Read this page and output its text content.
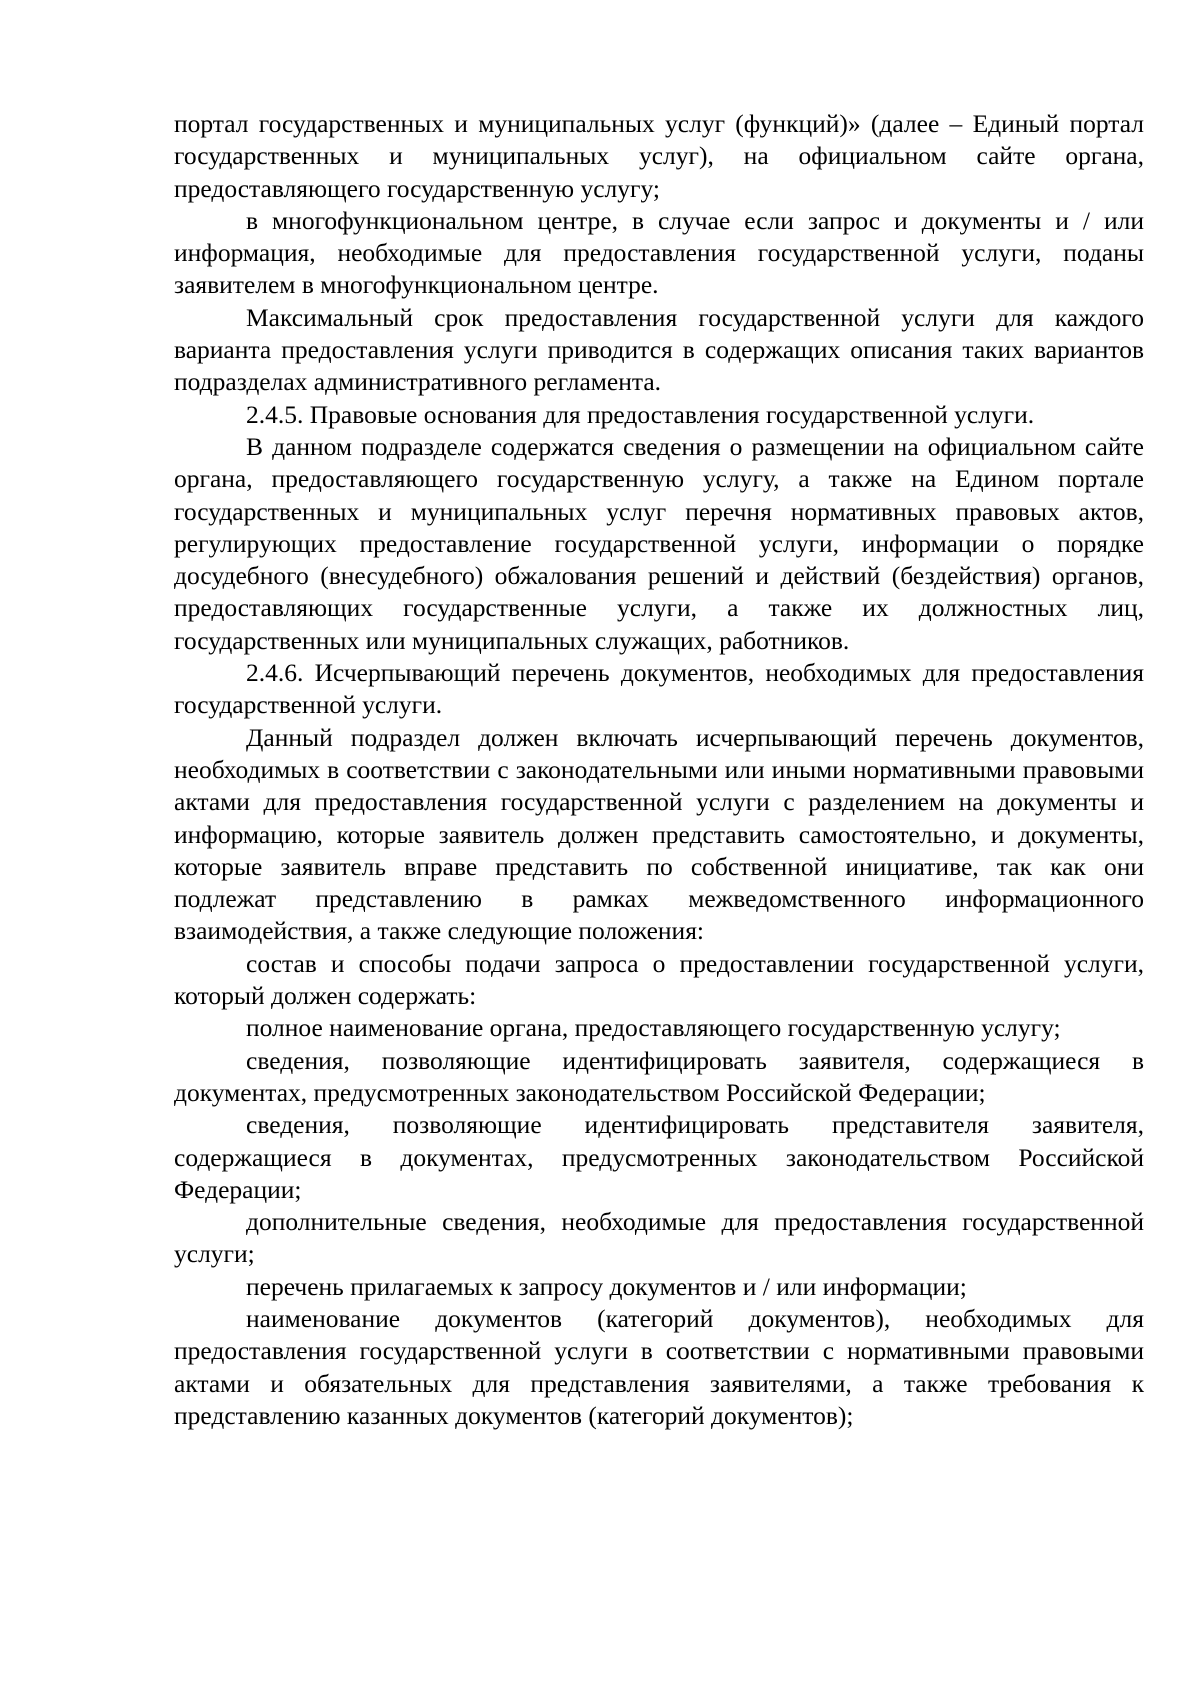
портал государственных и муниципальных услуг (функций)» (далее – Единый портал государственных и муниципальных услуг), на официальном сайте органа, предоставляющего государственную услугу;

в многофункциональном центре, в случае если запрос и документы и / или информация, необходимые для предоставления государственной услуги, поданы заявителем в многофункциональном центре.

Максимальный срок предоставления государственной услуги для каждого варианта предоставления услуги приводится в содержащих описания таких вариантов подразделах административного регламента.

2.4.5. Правовые основания для предоставления государственной услуги.

В данном подразделе содержатся сведения о размещении на официальном сайте органа, предоставляющего государственную услугу, а также на Едином портале государственных и муниципальных услуг перечня нормативных правовых актов, регулирующих предоставление государственной услуги, информации о порядке досудебного (внесудебного) обжалования решений и действий (бездействия) органов, предоставляющих государственные услуги, а также их должностных лиц, государственных или муниципальных служащих, работников.

2.4.6. Исчерпывающий перечень документов, необходимых для предоставления государственной услуги.

Данный подраздел должен включать исчерпывающий перечень документов, необходимых в соответствии с законодательными или иными нормативными правовыми актами для предоставления государственной услуги с разделением на документы и информацию, которые заявитель должен представить самостоятельно, и документы, которые заявитель вправе представить по собственной инициативе, так как они подлежат представлению в рамках межведомственного информационного взаимодействия, а также следующие положения:

состав и способы подачи запроса о предоставлении государственной услуги, который должен содержать:

полное наименование органа, предоставляющего государственную услугу;

сведения, позволяющие идентифицировать заявителя, содержащиеся в документах, предусмотренных законодательством Российской Федерации;

сведения, позволяющие идентифицировать представителя заявителя, содержащиеся в документах, предусмотренных законодательством Российской Федерации;

дополнительные сведения, необходимые для предоставления государственной услуги;

перечень прилагаемых к запросу документов и / или информации;

наименование документов (категорий документов), необходимых для предоставления государственной услуги в соответствии с нормативными правовыми актами и обязательных для представления заявителями, а также требования к представлению казанных документов (категорий документов);
